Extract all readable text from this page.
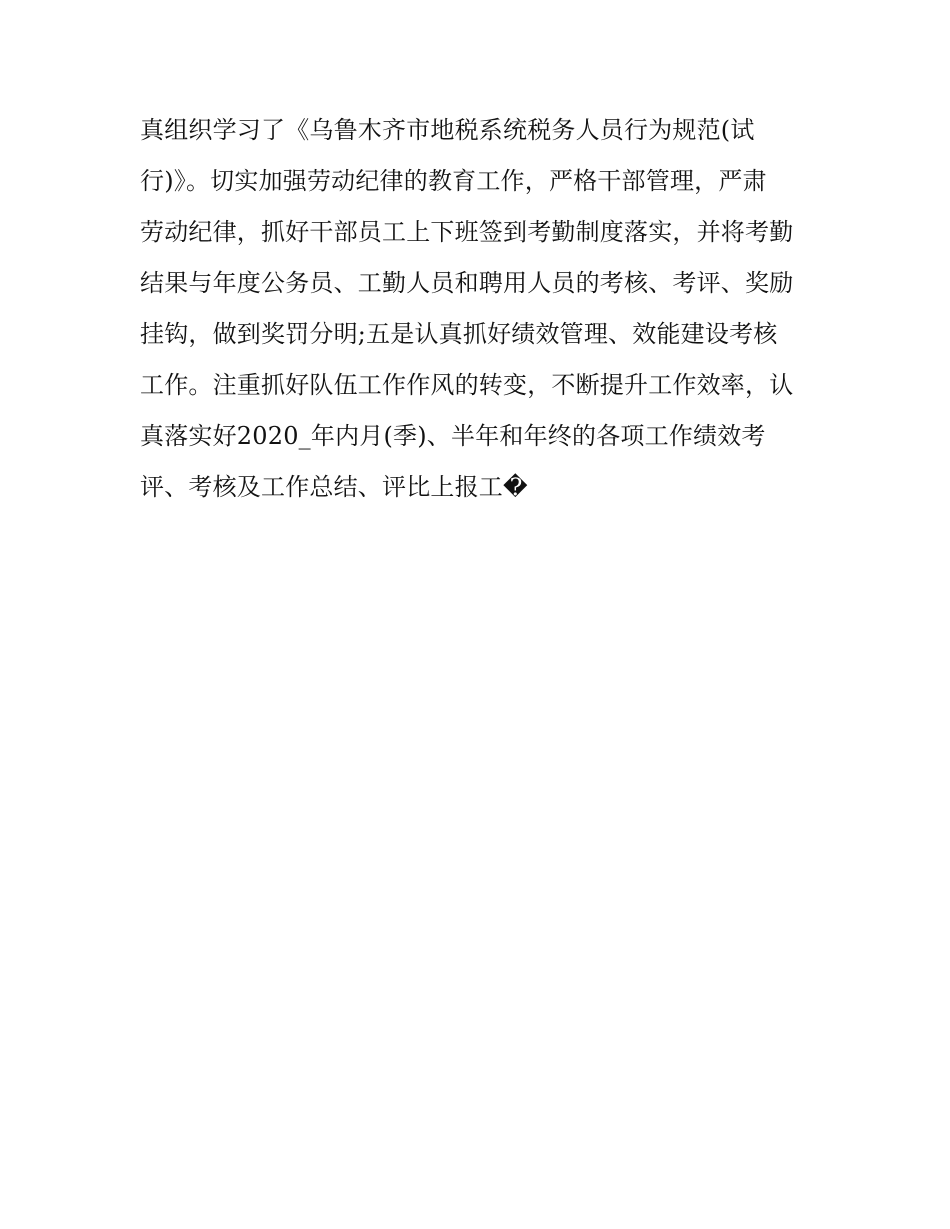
真组织学习了《乌鲁木齐市地税系统税务人员行为规范(试
行)》。切实加强劳动纪律的教育工作，严格干部管理，严肃
劳动纪律，抓好干部员工上下班签到考勤制度落实，并将考勤
结果与年度公务员、工勤人员和聘用人员的考核、考评、奖励
挂钩，做到奖罚分明;五是认真抓好绩效管理、效能建设考核
工作。注重抓好队伍工作作风的转变，不断提升工作效率，认
真落实好2020_年内月(季)、半年和年终的各项工作绩效考
评、考核及工作总结、评比上报工�
